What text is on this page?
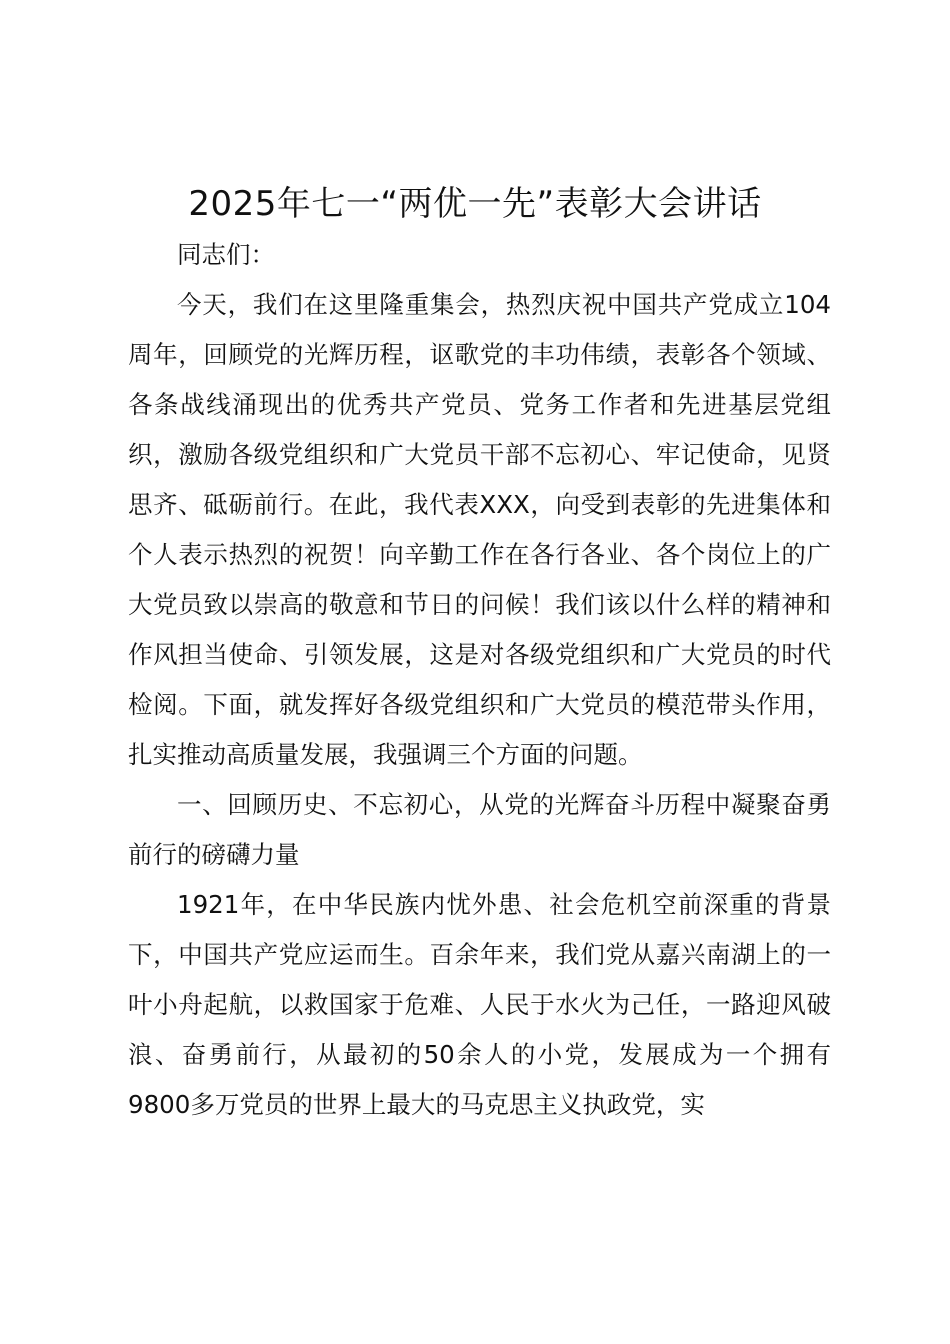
2025年七一“两优一先”表彰大会讲话

同志们：

今天，我们在这里隆重集会，热烈庆祝中国共产党成立104周年，回顾党的光辉历程，讴歌党的丰功伟绩，表彰各个领域、各条战线涌现出的优秀共产党员、党务工作者和先进基层党组织，激励各级党组织和广大党员干部不忘初心、牢记使命，见贤思齐、砥砺前行。在此，我代表XXX，向受到表彰的先进集体和个人表示热烈的祝贺！向辛勤工作在各行各业、各个岗位上的广大党员致以崇高的敬意和节日的问候！我们该以什么样的精神和作风担当使命、引领发展，这是对各级党组织和广大党员的时代检阅。下面，就发挥好各级党组织和广大党员的模范带头作用，扎实推动高质量发展，我强调三个方面的问题。

一、回顾历史、不忘初心，从党的光辉奋斗历程中凝聚奋勇前行的磅礴力量

1921年，在中华民族内忧外患、社会危机空前深重的背景下，中国共产党应运而生。百余年来，我们党从嘉兴南湖上的一叶小舟起航，以救国家于危难、人民于水火为己任，一路迎风破浪、奋勇前行，从最初的50余人的小党，发展成为一个拥有9800多万党员的世界上最大的马克思主义执政党，实
